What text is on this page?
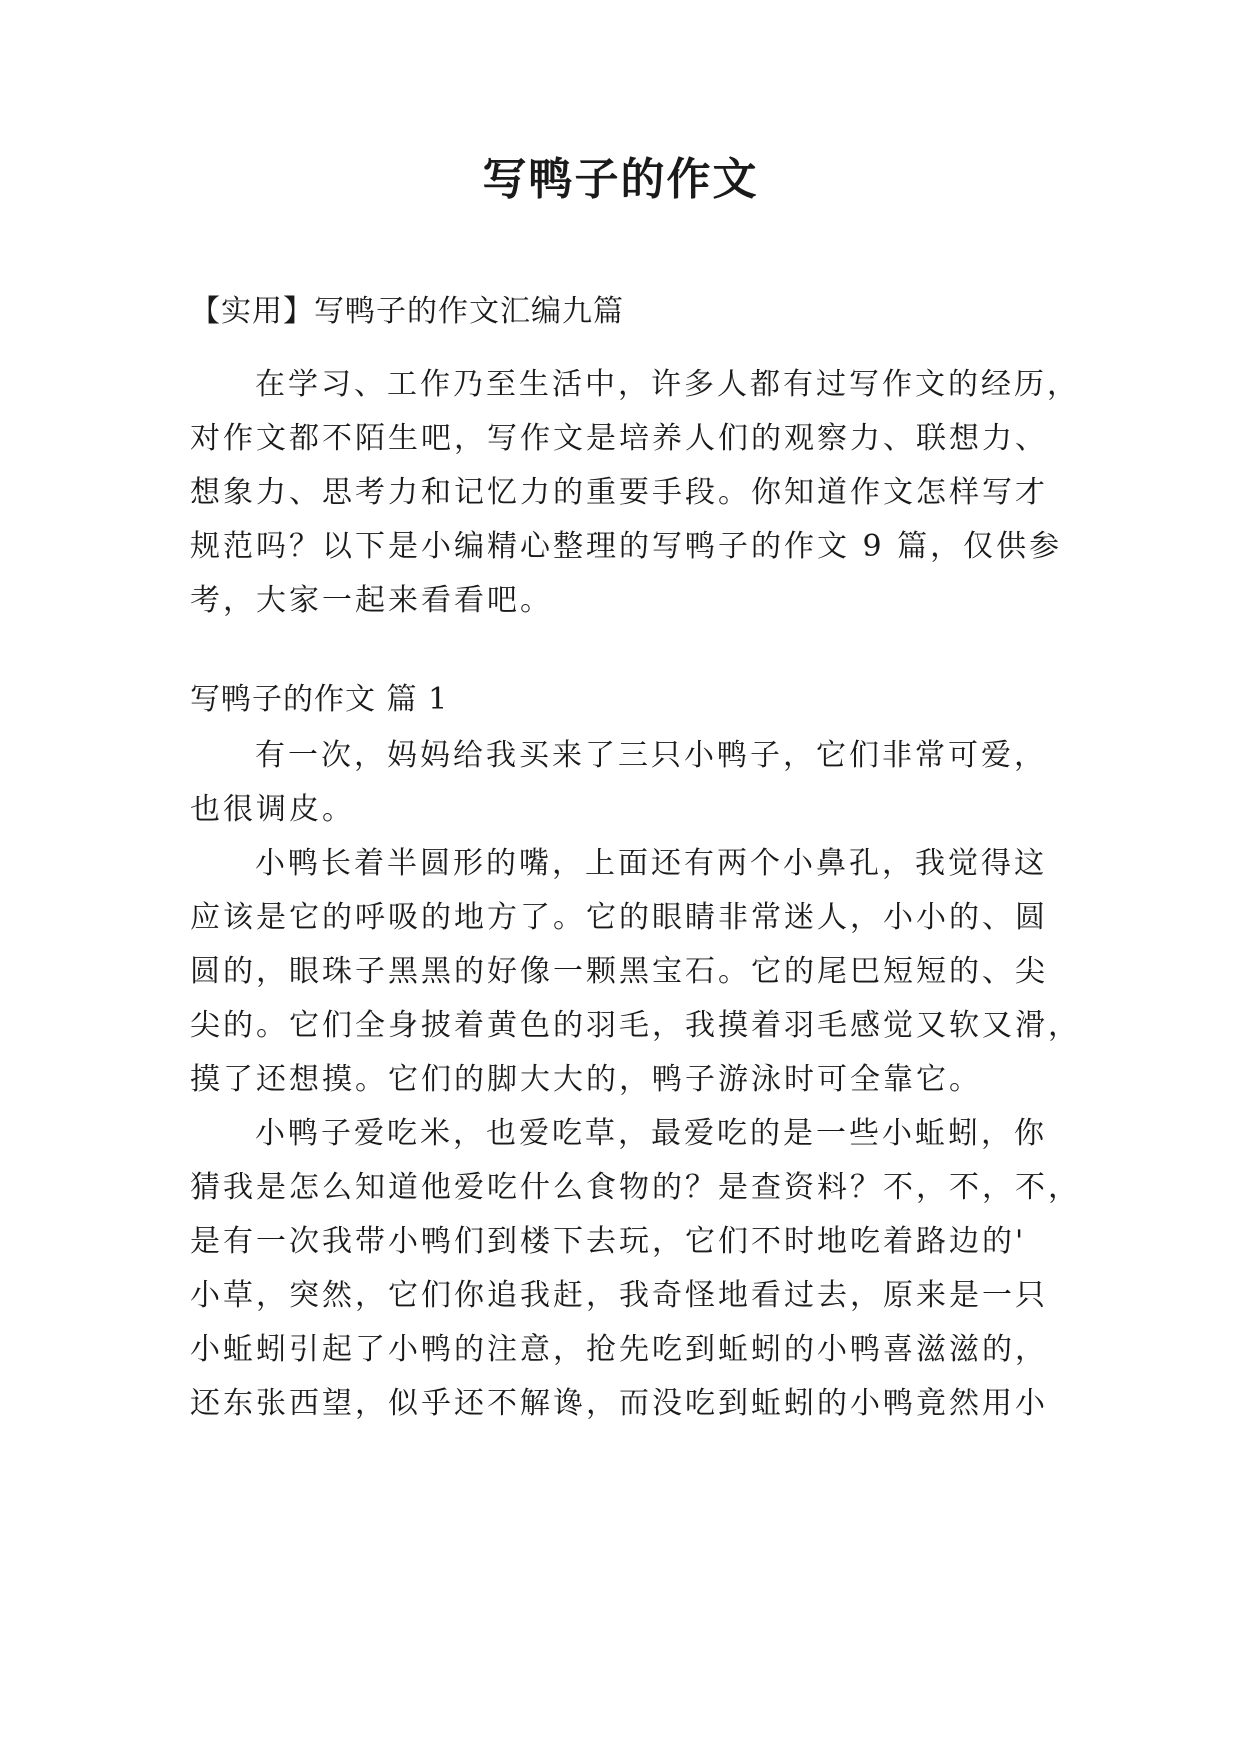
写鸭子的作文
【实用】写鸭子的作文汇编九篇
在学习、工作乃至生活中，许多人都有过写作文的经历，
对作文都不陌生吧，写作文是培养人们的观察力、联想力、
想象力、思考力和记忆力的重要手段。你知道作文怎样写才
规范吗？以下是小编精心整理的写鸭子的作文 9 篇，仅供参
考，大家一起来看看吧。
写鸭子的作文 篇 1
有一次，妈妈给我买来了三只小鸭子，它们非常可爱，
也很调皮。
小鸭长着半圆形的嘴，上面还有两个小鼻孔，我觉得这
应该是它的呼吸的地方了。它的眼睛非常迷人，小小的、圆
圆的，眼珠子黑黑的好像一颗黑宝石。它的尾巴短短的、尖
尖的。它们全身披着黄色的羽毛，我摸着羽毛感觉又软又滑，
摸了还想摸。它们的脚大大的，鸭子游泳时可全靠它。
小鸭子爱吃米，也爱吃草，最爱吃的是一些小蚯蚓，你
猜我是怎么知道他爱吃什么食物的？是查资料？不，不，不，
是有一次我带小鸭们到楼下去玩，它们不时地吃着路边的'
小草，突然，它们你追我赶，我奇怪地看过去，原来是一只
小蚯蚓引起了小鸭的注意，抢先吃到蚯蚓的小鸭喜滋滋的，
还东张西望，似乎还不解谗，而没吃到蚯蚓的小鸭竟然用小
